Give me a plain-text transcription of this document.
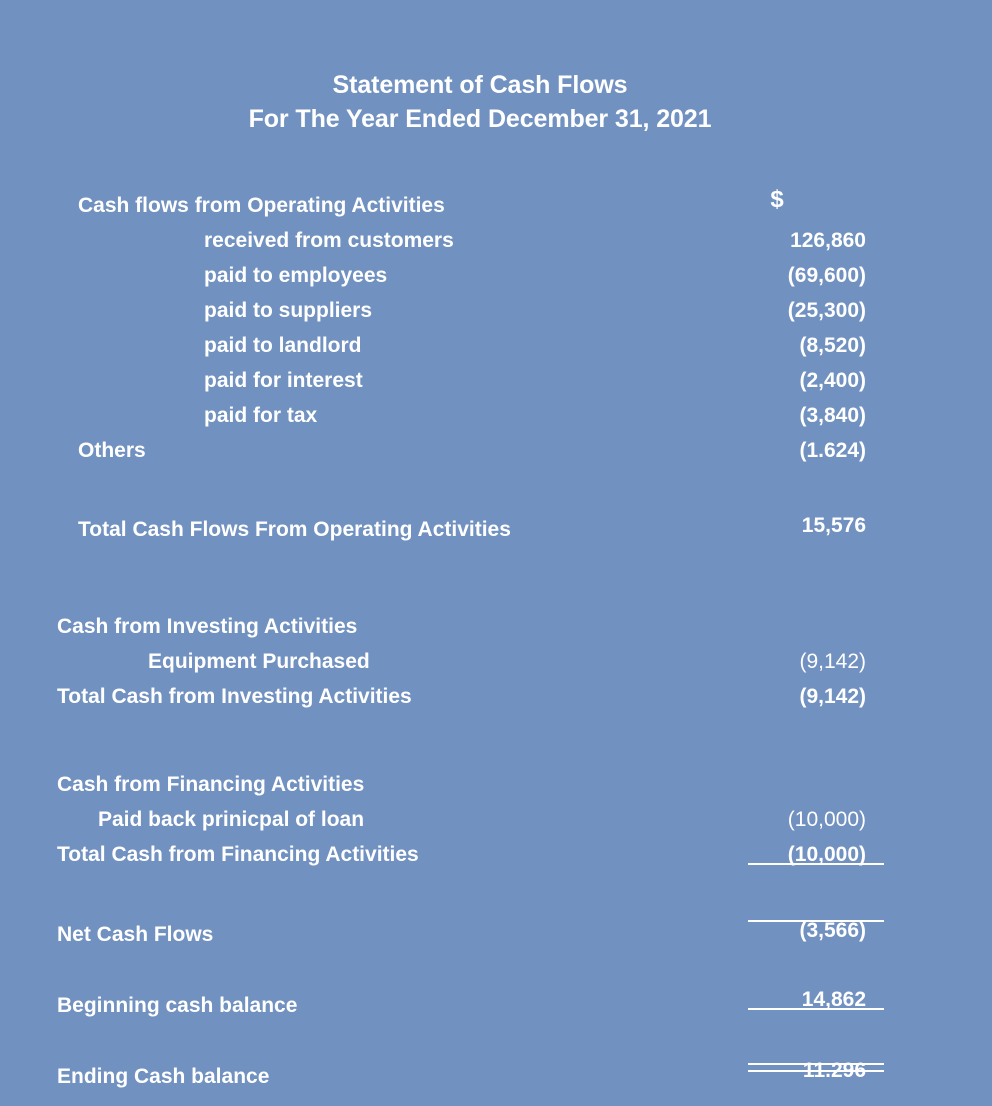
Statement of Cash Flows
For The Year Ended December 31, 2021
Cash flows from Operating Activities	$
received from customers	126,860
paid to employees	(69,600)
paid to suppliers	(25,300)
paid to landlord	(8,520)
paid for interest	(2,400)
paid for tax	(3,840)
Others	(1.624)
Total Cash Flows From Operating Activities	15,576
Cash from Investing Activities
Equipment Purchased	(9,142)
Total Cash from Investing Activities	(9,142)
Cash from Financing Activities
Paid back prinicpal of loan	(10,000)
Total Cash from Financing Activities	(10,000)
Net Cash Flows	(3,566)
Beginning cash balance	14,862
Ending Cash balance	11.296
